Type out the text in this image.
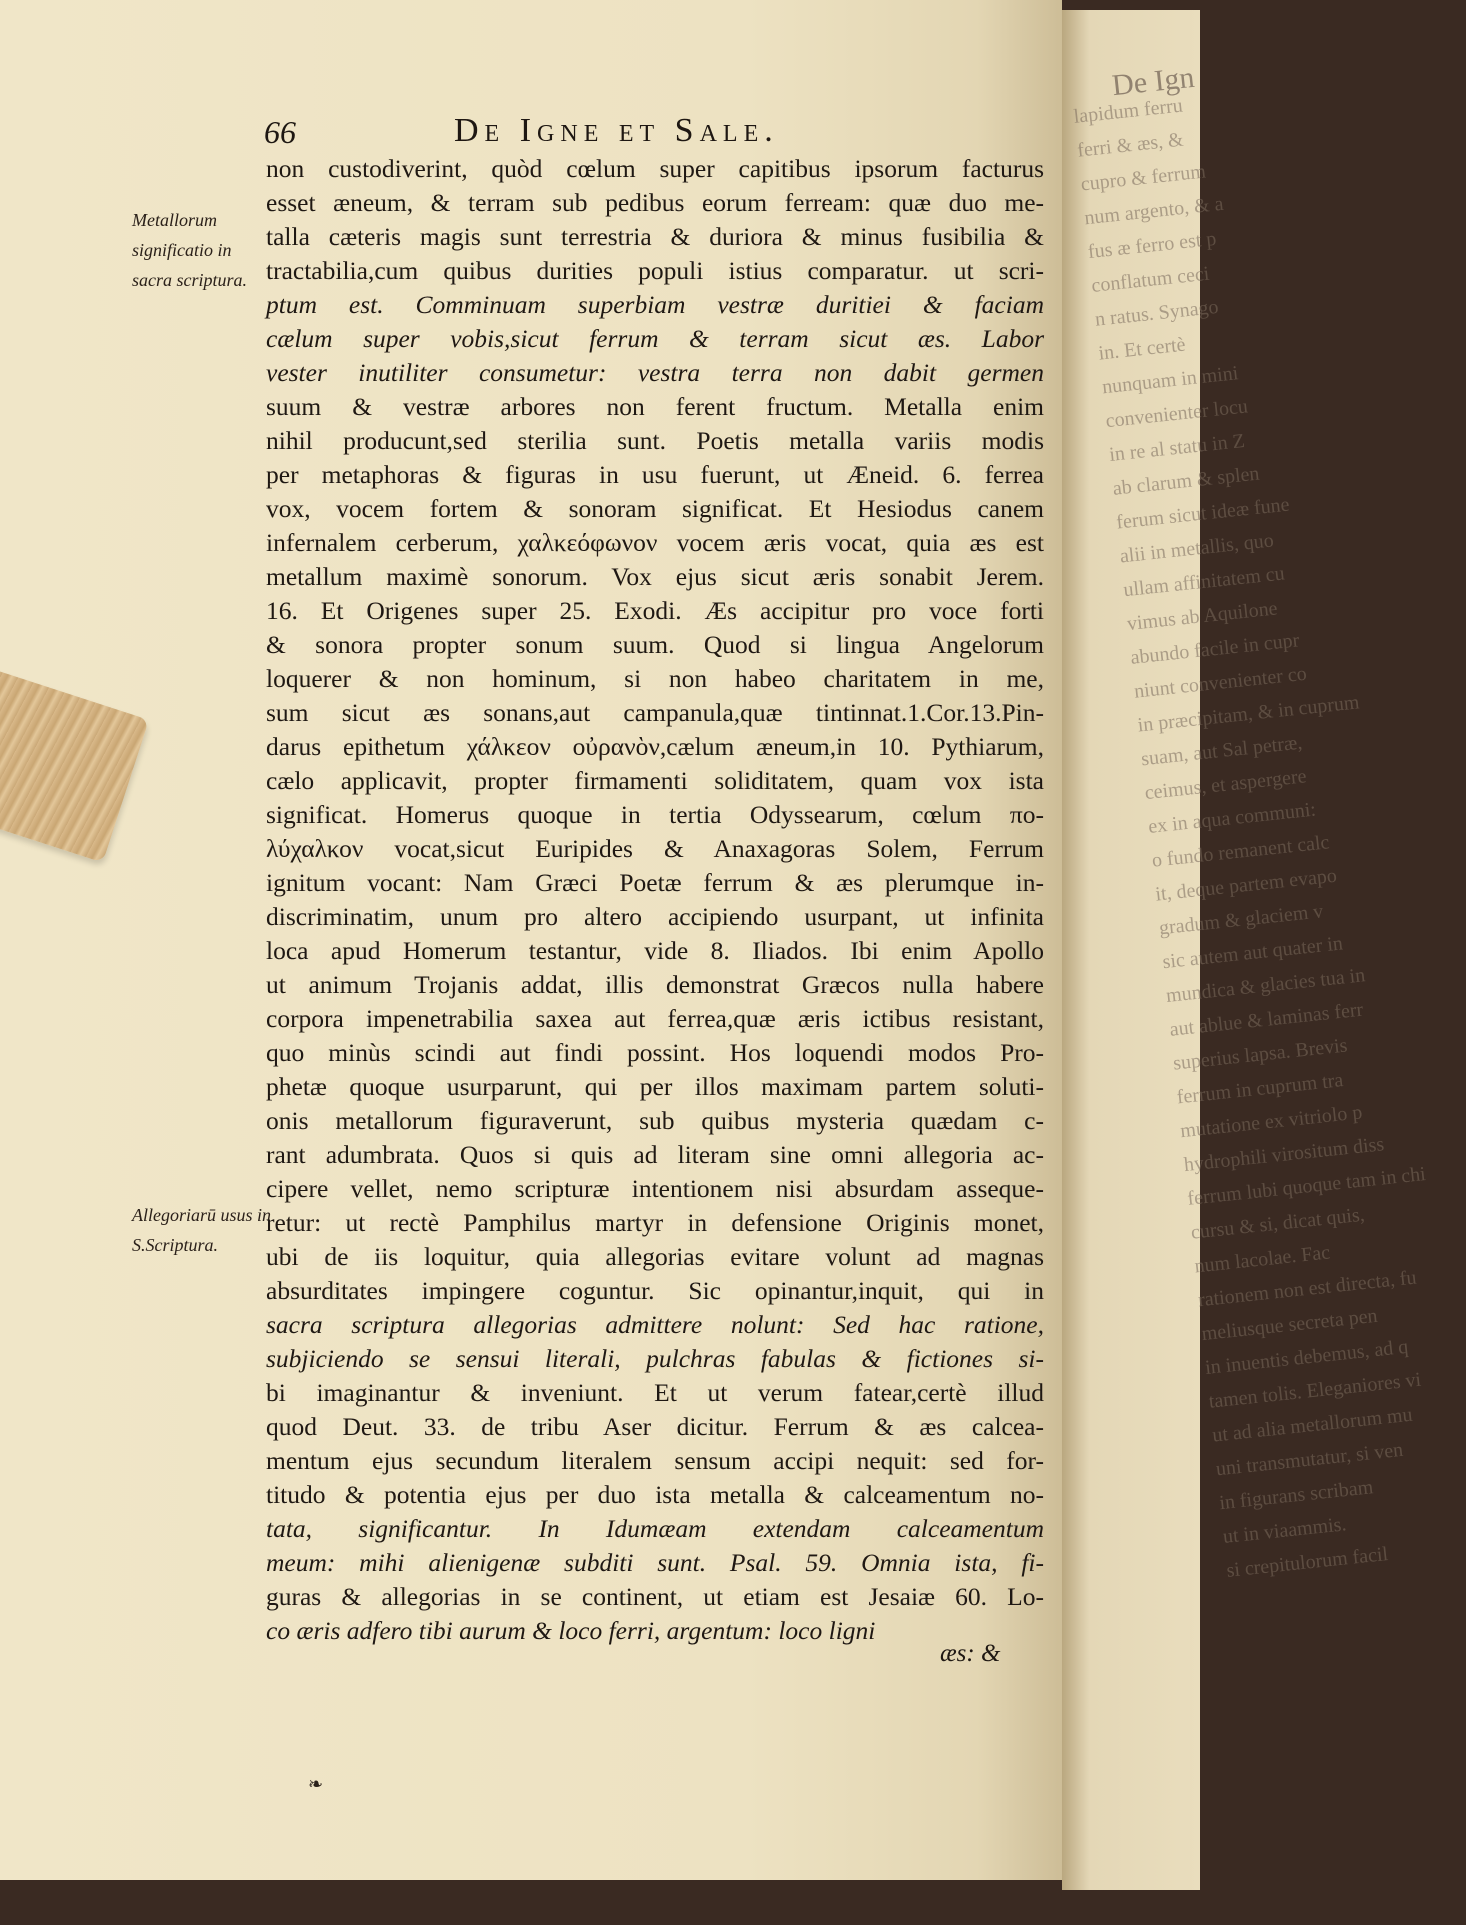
De Ign
lapidum ferru
ferri & æs, &
cupro & ferrum
num argento, & a
fus æ ferro est p
conflatum ceci
n ratus. Synago
in. Et certè
nunquam in mini
convenienter locu
in re al statu in Z
ab clarum & splen
ferum sicut ideæ fune
alii in metallis, quo
ullam affinitatem cu
vimus ab Aquilone
abundo facile in cupr
niunt convenienter co
in præcipitam, & in cuprum
suam, aut Sal petræ,
ceimus, et aspergere
ex in aqua communi:
o fundo remanent calc
it, deque partem evapo
gradum & glaciem v
sic autem aut quater in
mundica & glacies tua in
aut ablue & laminas ferr
superius lapsa. Brevis
ferrum in cuprum tra
mutatione ex vitriolo p
hydrophili virositum diss
ferrum lubi quoque tam in chi
cursu & si, dicat quis,
num lacolae. Fac
rationem non est directa, fu
meliusque secreta pen
in inuentis debemus, ad q
tamen tolis. Eleganiores vi
ut ad alia metallorum mu
uni transmutatur, si ven
in figurans scribam
ut in viaammis.
si crepitulorum facil
66	De Igne et Sale.
Metallorum significatio in sacra scriptura.
Allegoriarū usus in S.Scriptura.
non custodiverint, quòd cœlum super capitibus ipsorum facturus
esset æneum, & terram sub pedibus eorum ferream: quæ duo me-
talla cæteris magis sunt terrestria & duriora & minus fusibilia &
tractabilia,cum quibus durities populi istius comparatur. ut scri-
ptum est. Comminuam superbiam vestræ duritiei & faciam
cælum super vobis,sicut ferrum & terram sicut æs. Labor
vester inutiliter consumetur: vestra terra non dabit germen
suum & vestræ arbores non ferent fructum. Metalla enim
nihil producunt,sed sterilia sunt. Poetis metalla variis modis
per metaphoras & figuras in usu fuerunt, ut Æneid. 6. ferrea
vox, vocem fortem & sonoram significat. Et Hesiodus canem
infernalem cerberum, χαλκεόφωνον vocem æris vocat, quia æs est
metallum maximè sonorum. Vox ejus sicut æris sonabit Jerem.
16. Et Origenes super 25. Exodi. Æs accipitur pro voce forti
& sonora propter sonum suum. Quod si lingua Angelorum
loquerer & non hominum, si non habeo charitatem in me,
sum sicut æs sonans,aut campanula,quæ tintinnat.1.Cor.13.Pin-
darus epithetum χάλκεον οὐρανὸν,cælum æneum,in 10. Pythiarum,
cælo applicavit, propter firmamenti soliditatem, quam vox ista
significat. Homerus quoque in tertia Odyssearum, cœlum πο-
λύχαλκον vocat,sicut Euripides & Anaxagoras Solem, Ferrum
ignitum vocant: Nam Græci Poetæ ferrum & æs plerumque in-
discriminatim, unum pro altero accipiendo usurpant, ut infinita
loca apud Homerum testantur, vide 8. Iliados. Ibi enim Apollo
ut animum Trojanis addat, illis demonstrat Græcos nulla habere
corpora impenetrabilia saxea aut ferrea,quæ æris ictibus resistant,
quo minùs scindi aut findi possint. Hos loquendi modos Pro-
phetæ quoque usurparunt, qui per illos maximam partem soluti-
onis metallorum figuraverunt, sub quibus mysteria quædam c-
rant adumbrata. Quos si quis ad literam sine omni allegoria ac-
cipere vellet, nemo scripturæ intentionem nisi absurdam asseque-
retur: ut rectè Pamphilus martyr in defensione Originis monet,
ubi de iis loquitur, quia allegorias evitare volunt ad magnas
absurditates impingere coguntur. Sic opinantur,inquit, qui in
sacra scriptura allegorias admittere nolunt: Sed hac ratione,
subjiciendo se sensui literali, pulchras fabulas & fictiones si-
bi imaginantur & inveniunt. Et ut verum fatear,certè illud
quod Deut. 33. de tribu Aser dicitur. Ferrum & æs calcea-
mentum ejus secundum literalem sensum accipi nequit: sed for-
titudo & potentia ejus per duo ista metalla & calceamentum no-
tata, significantur. In Idumæam extendam calceamentum
meum: mihi alienigenæ subditi sunt. Psal. 59. Omnia ista, fi-
guras & allegorias in se continent, ut etiam est Jesaiæ 60. Lo-
co æris adfero tibi aurum & loco ferri, argentum: loco ligni
æs: &
❧
